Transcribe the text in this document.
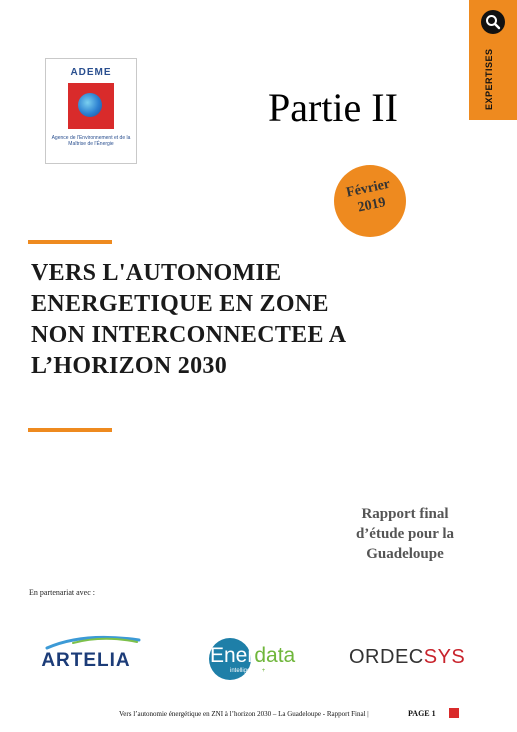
ADEME
Agence de l'Environnement et de la Maîtrise de l'Énergie
EXPERTISES
Partie II
Février
2019
VERS L'AUTONOMIE
ENERGETIQUE EN ZONE
NON INTERCONNECTEE A
L’HORIZON 2030
Rapport final
d’étude pour la
Guadeloupe
En partenariat avec :
ARTELIA	Enerdata
intelligence + consulting
ORDECSYS
Vers l’autonomie énergétique en ZNI à l’horizon 2030 – La Guadeloupe - Rapport Final |	PAGE 1
